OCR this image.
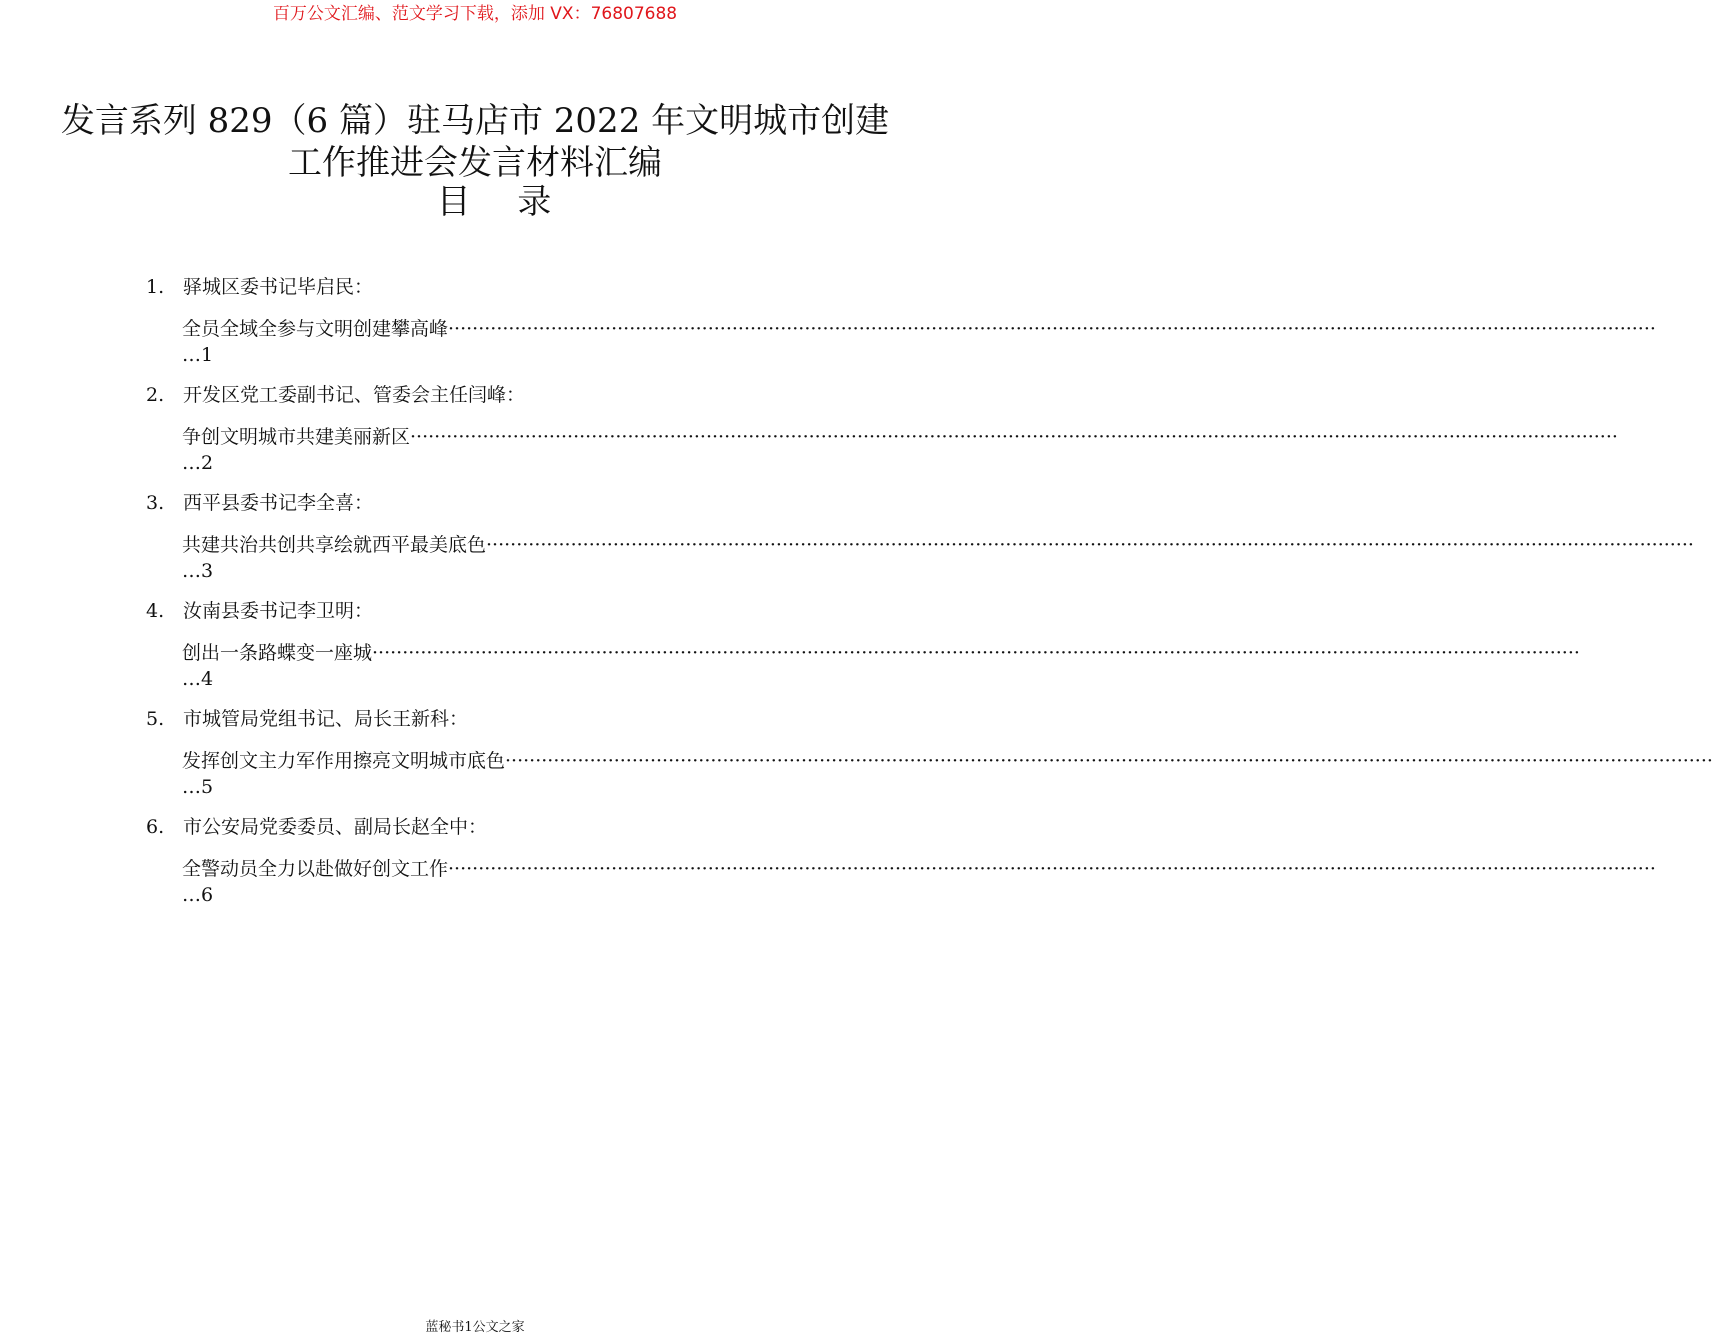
百万公文汇编、范文学习下载，添加 VX：76807688
发言系列 829（6 篇）驻马店市 2022 年文明城市创建工作推进会发言材料汇编
目 录
1. 驿城区委书记毕启民：
全员全域全参与文明创建攀高峰 ········································································································································································································
…1
2. 开发区党工委副书记、管委会主任闫峰：
争创文明城市共建美丽新区 ········································································································································································································
…2
3. 西平县委书记李全喜：
共建共治共创共享绘就西平最美底色 ········································································································································································································
…3
4. 汝南县委书记李卫明：
创出一条路蝶变一座城 ········································································································································································································
…4
5. 市城管局党组书记、局长王新科：
发挥创文主力军作用擦亮文明城市底色 ········································································································································································································
…5
6. 市公安局党委委员、副局长赵全中：
全警动员全力以赴做好创文工作 ········································································································································································································
…6
蓝秘书1公文之家
